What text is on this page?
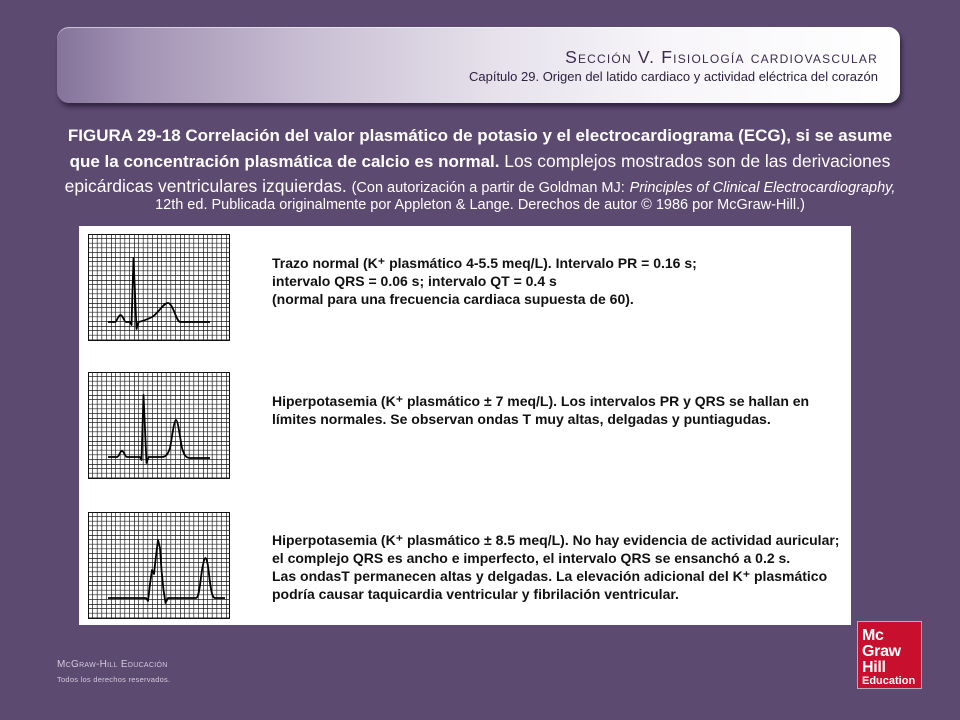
Sección V. Fisiología cardiovascular
Capítulo 29. Origen del latido cardiaco y actividad eléctrica del corazón
FIGURA 29-18 Correlación del valor plasmático de potasio y el electrocardiograma (ECG), si se asume
que la concentración plasmática de calcio es normal. Los complejos mostrados son de las derivaciones
epicárdicas ventriculares izquierdas. (Con autorización a partir de Goldman MJ: Principles of Clinical Electrocardiography,
12th ed. Publicada originalmente por Appleton & Lange. Derechos de autor © 1986 por McGraw-Hill.)
Trazo normal (K⁺ plasmático 4-5.5 meq/L). Intervalo PR = 0.16 s;
intervalo QRS = 0.06 s; intervalo QT = 0.4 s
(normal para una frecuencia cardiaca supuesta de 60).
Hiperpotasemia (K⁺ plasmático ± 7 meq/L). Los intervalos PR y QRS se hallan en
límites normales. Se observan ondas T muy altas, delgadas y puntiagudas.
Hiperpotasemia (K⁺ plasmático ± 8.5 meq/L). No hay evidencia de actividad auricular;
el complejo QRS es ancho e imperfecto, el intervalo QRS se ensanchó a 0.2 s.
Las ondasT permanecen altas y delgadas. La elevación adicional del K⁺ plasmático
podría causar taquicardia ventricular y fibrilación ventricular.
McGraw-Hill Educación
Todos los derechos reservados.
Mc
Graw
Hill
Education
